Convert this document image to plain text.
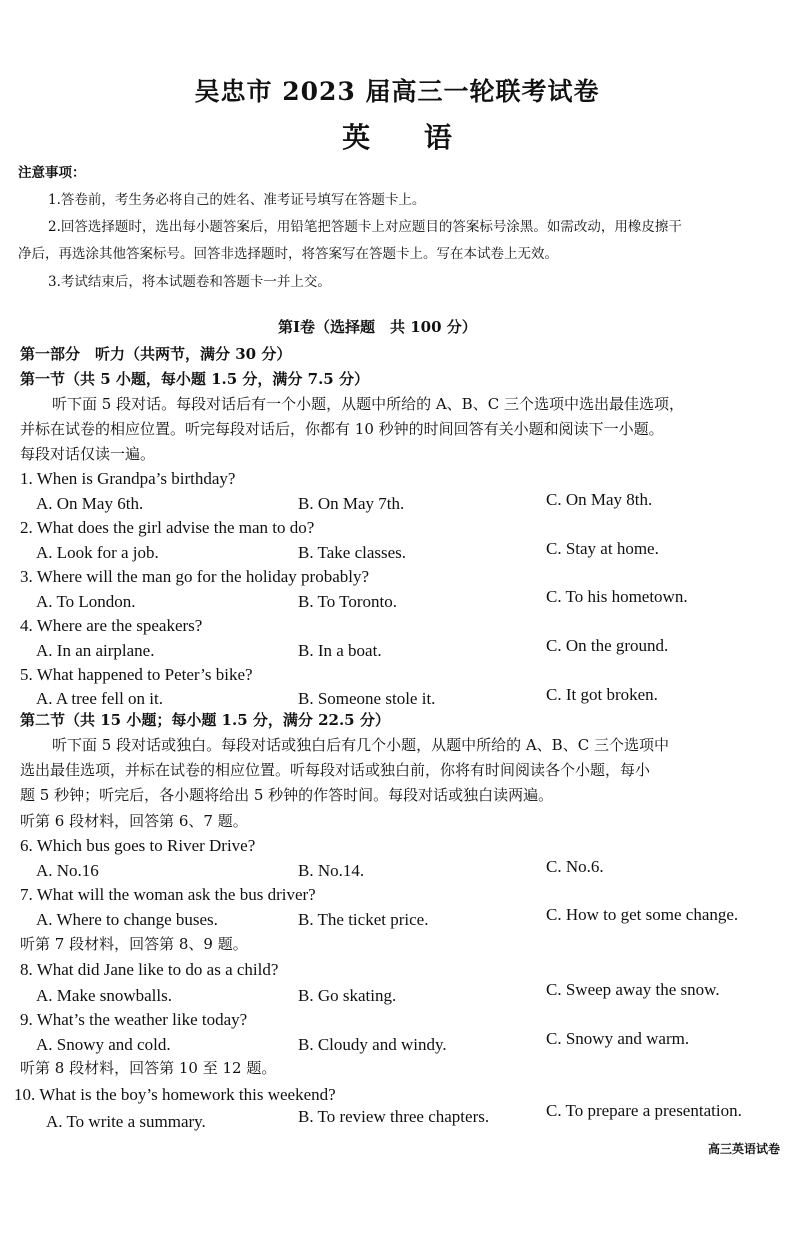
吴忠市 2023 届高三一轮联考试卷
英 语
注意事项：
1.答卷前，考生务必将自己的姓名、准考证号填写在答题卡上。
2.回答选择题时，选出每小题答案后，用铅笔把答题卡上对应题目的答案标号涂黑。如需改动，用橡皮擦干
净后，再选涂其他答案标号。回答非选择题时，将答案写在答题卡上。写在本试卷上无效。
3.考试结束后，将本试题卷和答题卡一并上交。
第Ⅰ卷（选择题　共 100 分）
第一部分　听力（共两节，满分 30 分）
第一节（共 5 小题，每小题 1.5 分，满分 7.5 分）
听下面 5 段对话。每段对话后有一个小题，从题中所给的 A、B、C 三个选项中选出最佳选项，
并标在试卷的相应位置。听完每段对话后，你都有 10 秒钟的时间回答有关小题和阅读下一小题。
每段对话仅读一遍。
1. When is Grandpa’s birthday?
A. On May 6th.	B. On May 7th.	C. On May 8th.
2. What does the girl advise the man to do?
A. Look for a job.	B. Take classes.	C. Stay at home.
3. Where will the man go for the holiday probably?
A. To London.	B. To Toronto.	C. To his hometown.
4. Where are the speakers?
A. In an airplane.	B. In a boat.	C. On the ground.
5. What happened to Peter’s bike?
A. A tree fell on it.	B. Someone stole it.	C. It got broken.
第二节（共 15 小题；每小题 1.5 分，满分 22.5 分）
听下面 5 段对话或独白。每段对话或独白后有几个小题，从题中所给的 A、B、C 三个选项中
选出最佳选项，并标在试卷的相应位置。听每段对话或独白前，你将有时间阅读各个小题，每小
题 5 秒钟；听完后，各小题将给出 5 秒钟的作答时间。每段对话或独白读两遍。
听第 6 段材料，回答第 6、7 题。
6. Which bus goes to River Drive?
A. No.16	B. No.14.	C. No.6.
7. What will the woman ask the bus driver?
A. Where to change buses.	B. The ticket price.	C. How to get some change.
听第 7 段材料，回答第 8、9 题。
8. What did Jane like to do as a child?
A. Make snowballs.	B. Go skating.	C. Sweep away the snow.
9. What’s the weather like today?
A. Snowy and cold.	B. Cloudy and windy.	C. Snowy and warm.
听第 8 段材料，回答第 10 至 12 题。
10. What is the boy’s homework this weekend?
A. To write a summary.	B. To review three chapters.	C. To prepare a presentation.
高三英语试卷
